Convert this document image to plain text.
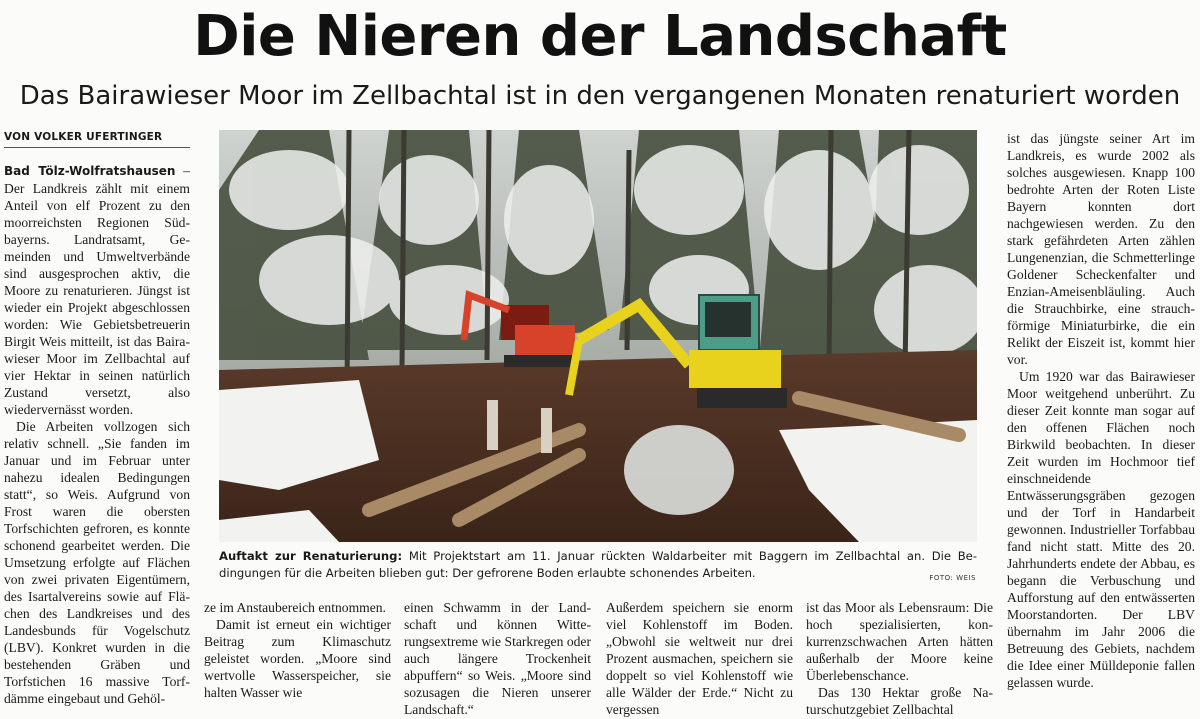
Die Nieren der Landschaft
Das Bairawieser Moor im Zellbachtal ist in den vergangenen Monaten renaturiert worden
VON VOLKER UFERTINGER

Bad Tölz-Wolfratshausen – Der Landkreis zählt mit einem Anteil von elf Prozent zu den moorreichsten Regionen Südbayerns. Landratsamt, Gemeinden und Umweltverbände sind ausgesprochen aktiv, die Moore zu renaturieren. Jüngst ist wieder ein Projekt abgeschlossen worden: Wie Gebietsbetreuerin Birgit Weis mitteilt, ist das Bairawieser Moor im Zellbachtal auf vier Hektar in seinen natürlich Zustand versetzt, also wiedervernässt worden.

Die Arbeiten vollzogen sich relativ schnell. „Sie fanden im Januar und im Februar unter nahezu idealen Bedingungen statt“, so Weis. Aufgrund von Frost waren die obersten Torfschichten gefroren, es konnte schonend gearbeitet werden. Die Umsetzung erfolgte auf Flächen von zwei privaten Eigentümern, des Isartalvereins sowie auf Flächen des Landkreises und des Landesbunds für Vogelschutz (LBV). Konkret wurden in die bestehenden Gräben und Torfstichen 16 massive Torfdämme eingebaut und Gehöl-

Auftakt zur Renaturierung: Mit Projektstart am 11. Januar rückten Waldarbeiter mit Baggern im Zellbachtal an. Die Bedingungen für die Arbeiten blieben gut: Der gefrorene Boden erlaubte schonendes Arbeiten.	FOTO: WEIS

ze im Anstaubereich entnommen.

Damit ist erneut ein wichtiger Beitrag zum Klimaschutz geleistet worden. „Moore sind wertvolle Wasserspeicher, sie halten Wasser wie

einen Schwamm in der Landschaft und können Witterungsextreme wie Starkregen oder auch längere Trockenheit abpuffern“ so Weis. „Moore sind sozusagen die Nieren unserer Landschaft.“

Außerdem speichern sie enorm viel Kohlenstoff im Boden. „Obwohl sie weltweit nur drei Prozent ausmachen, speichern sie doppelt so viel Kohlenstoff wie alle Wälder der Erde.“ Nicht zu vergessen

ist das Moor als Lebensraum: Die hoch spezialisierten, konkurrenzschwachen Arten hätten außerhalb der Moore keine Überlebenschance.

Das 130 Hektar große Naturschutzgebiet Zellbachtal

ist das jüngste seiner Art im Landkreis, es wurde 2002 als solches ausgewiesen. Knapp 100 bedrohte Arten der Roten Liste Bayern konnten dort nachgewiesen werden. Zu den stark gefährdeten Arten zählen Lungenenzian, die Schmetterlinge Goldener Scheckenfalter und Enzian-Ameisenbläuling. Auch die Strauchbirke, eine strauchförmige Miniaturbirke, die ein Relikt der Eiszeit ist, kommt hier vor.

Um 1920 war das Bairawieser Moor weitgehend unberührt. Zu dieser Zeit konnte man sogar auf den offenen Flächen noch Birkwild beobachten. In dieser Zeit wurden im Hochmoor tief einschneidende Entwässerungsgräben gezogen und der Torf in Handarbeit gewonnen. Industrieller Torfabbau fand nicht statt. Mitte des 20. Jahrhunderts endete der Abbau, es begann die Verbuschung und Aufforstung auf den entwässerten Moorstandorten. Der LBV übernahm im Jahr 2006 die Betreuung des Gebiets, nachdem die Idee einer Mülldeponie fallen gelassen wurde.
